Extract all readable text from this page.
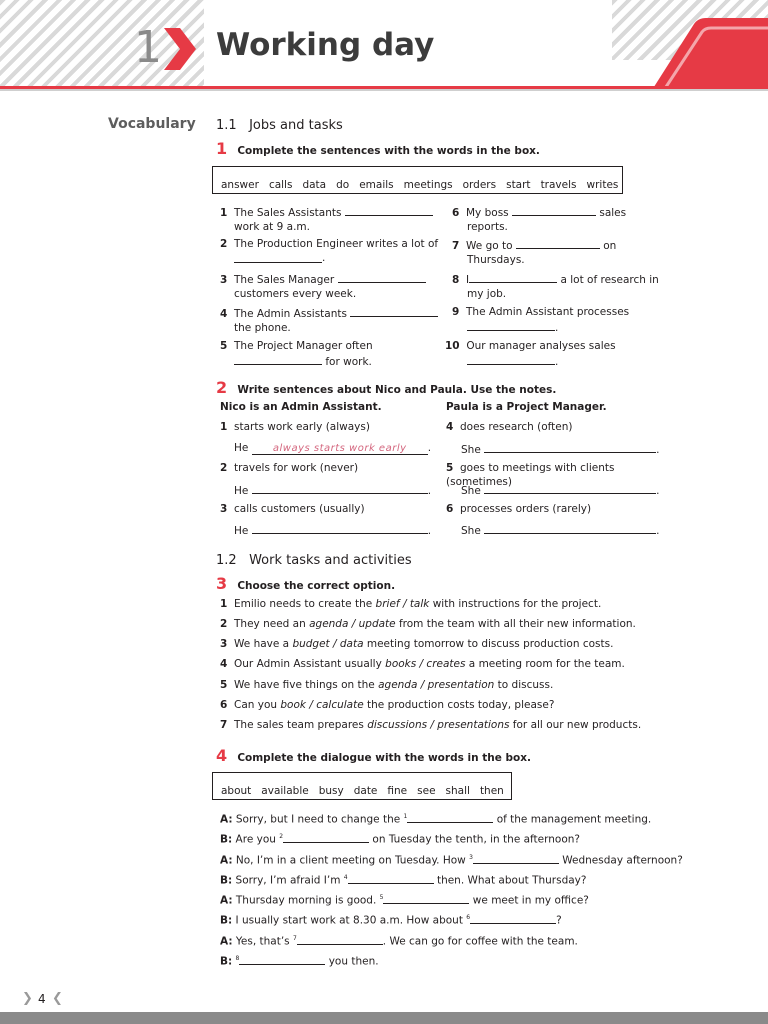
1	Working day
Vocabulary 1.1 Jobs and tasks
1 Complete the sentences with the words in the box.
answer calls data do emails meetings orders start travels writes
1 The Sales Assistants
work at 9 a.m.
2 The Production Engineer writes a lot of
.
3 The Sales Manager
customers every week.
4 The Admin Assistants
the phone.
5 The Project Manager often
for work.
6 My boss	sales
reports.
7 We go to	on
Thursdays.
8 I	a lot of research in
my job.
9 The Admin Assistant processes
.
10 Our manager analyses sales
.
2 Write sentences about Nico and Paula. Use the notes.
Nico is an Admin Assistant.	Paula is a Project Manager.
1 starts work early (always)
He always starts work early .
2 travels for work (never)
He	.
3 calls customers (usually)
He	.
4 does research (often)
She	.
5 goes to meetings with clients (sometimes)
She	.
6 processes orders (rarely)
She	.
1.2 Work tasks and activities
3 Choose the correct option.
1 Emilio needs to create the brief / talk with instructions for the project.
2 They need an agenda / update from the team with all their new information.
3 We have a budget / data meeting tomorrow to discuss production costs.
4 Our Admin Assistant usually books / creates a meeting room for the team.
5 We have five things on the agenda / presentation to discuss.
6 Can you book / calculate the production costs today, please?
7 The sales team prepares discussions / presentations for all our new products.
4 Complete the dialogue with the words in the box.
about available busy date fine see shall then
A: Sorry, but I need to change the $^1$	of the management meeting.
B: Are you $^2$	on Tuesday the tenth, in the afternoon?
A: No, I’m in a client meeting on Tuesday. How $^3$	Wednesday afternoon?
B: Sorry, I’m afraid I’m $^4$	then. What about Thursday?
A: Thursday morning is good. $^5$	we meet in my office?
B: I usually start work at 8.30 a.m. How about $^6$	?
A: Yes, that’s $^7$	. We can go for coffee with the team.
B: $^8$	you then.
❯ 4 ❮
